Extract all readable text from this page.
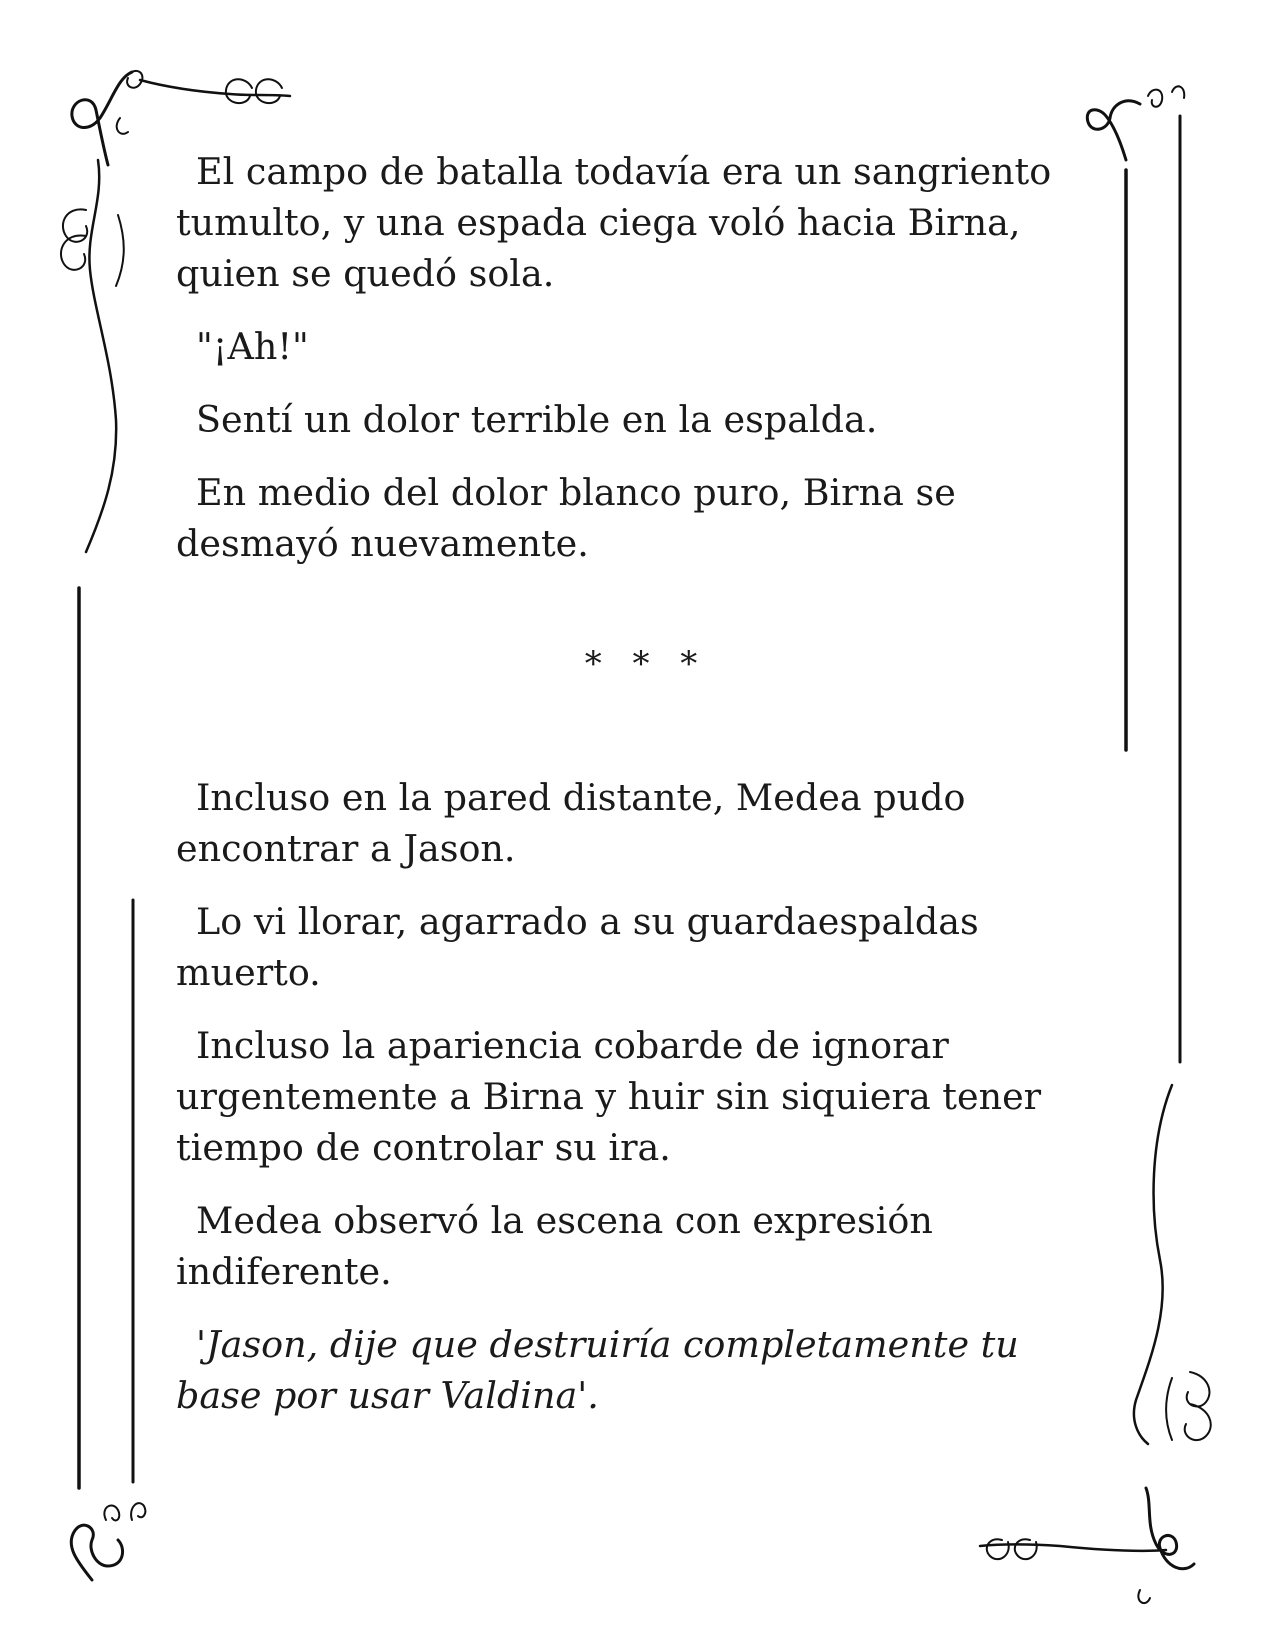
El campo de batalla todavía era un sangriento tumulto, y una espada ciega voló hacia Birna, quien se quedó sola.

"¡Ah!"

Sentí un dolor terrible en la espalda.

En medio del dolor blanco puro, Birna se desmayó nuevamente.

* * *

Incluso en la pared distante, Medea pudo encontrar a Jason.

Lo vi llorar, agarrado a su guardaespaldas muerto.

Incluso la apariencia cobarde de ignorar urgentemente a Birna y huir sin siquiera tener tiempo de controlar su ira.

Medea observó la escena con expresión indiferente.

'Jason, dije que destruiría completamente tu base por usar Valdina'.
